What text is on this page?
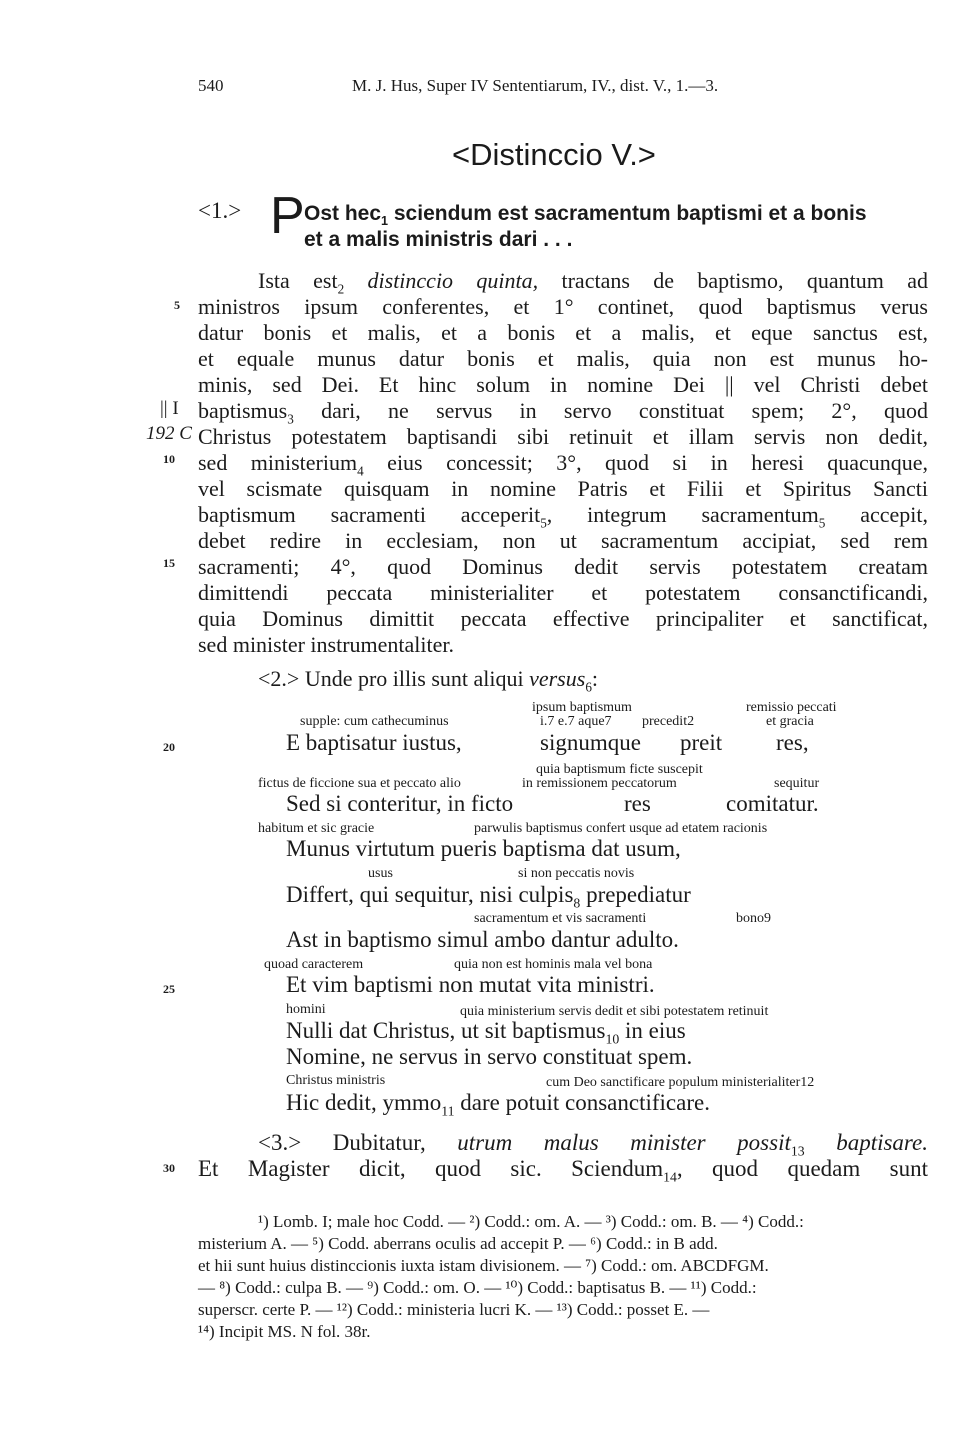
540	M. J. Hus, Super IV Sententiarum, IV., dist. V., 1.—3.
<Distinccio V.>
<1.> P Ost hec$_1$ sciendum est sacramentum baptismi et a bonis
et a malis ministris dari . . .
5
|| I
192 C
10
15
20
25
30
Ista est$_2$ distinccio quinta, tractans de baptismo, quantum ad
ministros ipsum conferentes, et 1° continet, quod baptismus verus
datur bonis et malis, et a bonis et a malis, et eque sanctus est,
et equale munus datur bonis et malis, quia non est munus ho-
minis, sed Dei. Et hinc solum in nomine Dei || vel Christi debet
baptismus$_3$ dari, ne servus in servo constituat spem; 2°, quod
Christus potestatem baptisandi sibi retinuit et illam servis non dedit,
sed ministerium$_4$ eius concessit; 3°, quod si in heresi quacunque,
vel scismate quisquam in nomine Patris et Filii et Spiritus Sancti
baptismum sacramenti acceperit$_5$, integrum sacramentum$_5$ accepit,
debet redire in ecclesiam, non ut sacramentum accipiat, sed rem
sacramenti; 4°, quod Dominus dedit servis potestatem creatam
dimittendi peccata ministerialiter et potestatem consanctificandi,
quia Dominus dimittit peccata effective principaliter et sanctificat,
sed minister instrumentaliter.
<2.> Unde pro illis sunt aliqui versus$_6$:
ipsum baptismum	remissio peccati
supple: cum cathecuminus	i.7 e.7 aque7 precedit2	et gracia
E baptisatur iustus,	signumque preit res,
quia baptismum ficte suscepit
fictus de ficcione sua et peccato alio	in remissionem peccatorum	sequitur
Sed si conteritur, in ficto	res	comitatur.
habitum et sic gracie	parwulis baptismus confert usque ad etatem racionis
Munus virtutum pueris baptisma dat usum,
usus	si non peccatis novis
Differt, qui sequitur, nisi culpis$_8$ prepediatur
sacramentum et vis sacramenti	bono9
Ast in baptismo simul ambo dantur adulto.
quoad caracterem	quia non est hominis mala vel bona
Et vim baptismi non mutat vita ministri.
homini	quia ministerium servis dedit et sibi potestatem retinuit
Nulli dat Christus, ut sit baptismus$_{10}$ in eius
Nomine, ne servus in servo constituat spem.
Christus ministris	cum Deo sanctificare populum ministerialiter12
Hic dedit, ymmo$_{11}$ dare potuit consanctificare.
<3.> Dubitatur, utrum malus minister possit$_{13}$ baptisare.
Et Magister dicit, quod sic. Sciendum$_{14}$, quod quedam sunt
¹) Lomb. I; male hoc Codd. — ²) Codd.: om. A. — ³) Codd.: om. B. — ⁴) Codd.:
misterium A. — ⁵) Codd. aberrans oculis ad accepit P. — ⁶) Codd.: in B add.
et hii sunt huius distinccionis iuxta istam divisionem. — ⁷) Codd.: om. ABCDFGM.
— ⁸) Codd.: culpa B. — ⁹) Codd.: om. O. — ¹⁰) Codd.: baptisatus B. — ¹¹) Codd.:
superscr. certe P. — ¹²) Codd.: ministeria lucri K. — ¹³) Codd.: posset E. —
¹⁴) Incipit MS. N fol. 38r.
